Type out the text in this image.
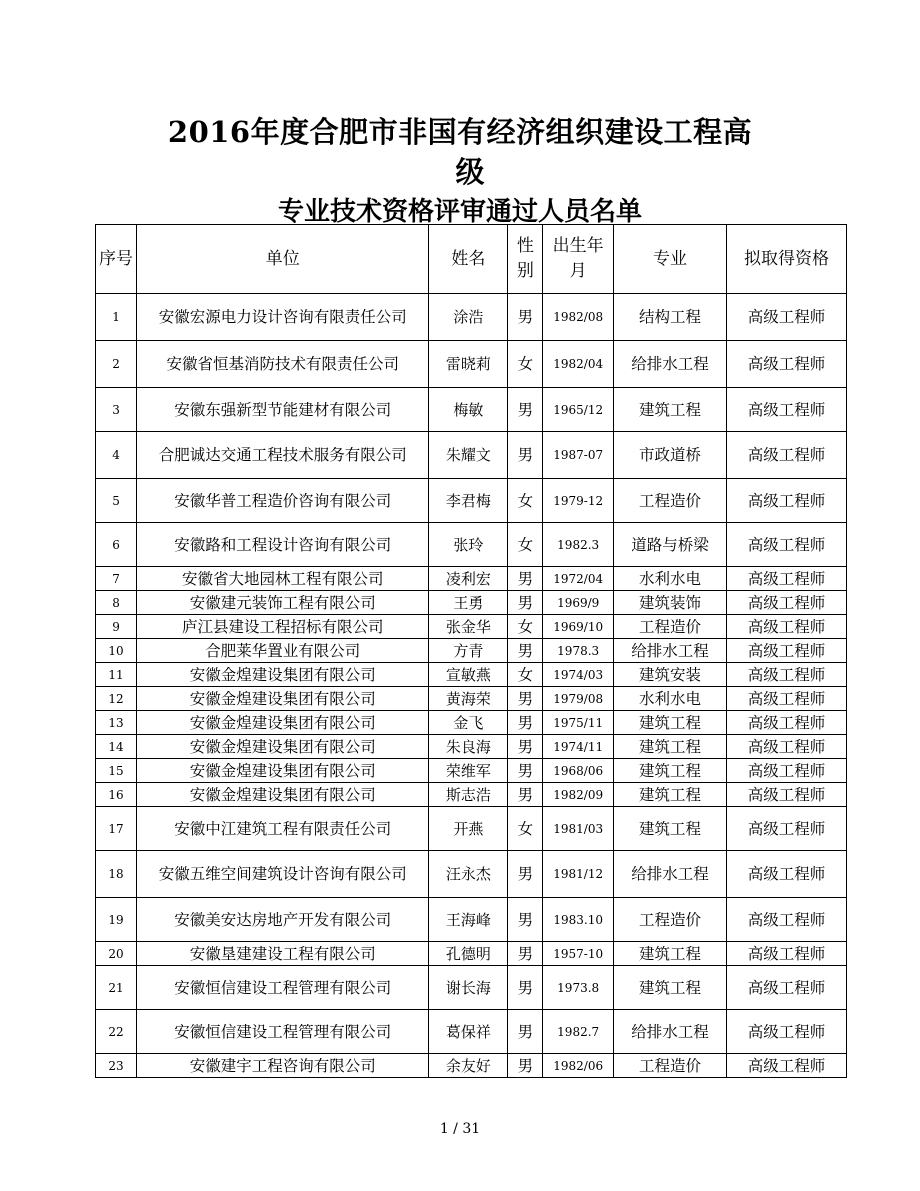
2016年度合肥市非国有经济组织建设工程高
级
专业技术资格评审通过人员名单
序号	单位	姓名	性别	出生年月	专业	拟取得资格
1	安徽宏源电力设计咨询有限责任公司	涂浩	男	1982/08	结构工程	高级工程师
2	安徽省恒基消防技术有限责任公司	雷晓莉	女	1982/04	给排水工程	高级工程师
3	安徽东强新型节能建材有限公司	梅敏	男	1965/12	建筑工程	高级工程师
4	合肥诚达交通工程技术服务有限公司	朱耀文	男	1987-07	市政道桥	高级工程师
5	安徽华普工程造价咨询有限公司	李君梅	女	1979-12	工程造价	高级工程师
6	安徽路和工程设计咨询有限公司	张玲	女	1982.3	道路与桥梁	高级工程师
7	安徽省大地园林工程有限公司	凌利宏	男	1972/04	水利水电	高级工程师
8	安徽建元装饰工程有限公司	王勇	男	1969/9	建筑装饰	高级工程师
9	庐江县建设工程招标有限公司	张金华	女	1969/10	工程造价	高级工程师
10	合肥莱华置业有限公司	方青	男	1978.3	给排水工程	高级工程师
11	安徽金煌建设集团有限公司	宣敏燕	女	1974/03	建筑安装	高级工程师
12	安徽金煌建设集团有限公司	黄海荣	男	1979/08	水利水电	高级工程师
13	安徽金煌建设集团有限公司	金飞	男	1975/11	建筑工程	高级工程师
14	安徽金煌建设集团有限公司	朱良海	男	1974/11	建筑工程	高级工程师
15	安徽金煌建设集团有限公司	荣维军	男	1968/06	建筑工程	高级工程师
16	安徽金煌建设集团有限公司	斯志浩	男	1982/09	建筑工程	高级工程师
17	安徽中江建筑工程有限责任公司	开燕	女	1981/03	建筑工程	高级工程师
18	安徽五维空间建筑设计咨询有限公司	汪永杰	男	1981/12	给排水工程	高级工程师
19	安徽美安达房地产开发有限公司	王海峰	男	1983.10	工程造价	高级工程师
20	安徽垦建建设工程有限公司	孔德明	男	1957-10	建筑工程	高级工程师
21	安徽恒信建设工程管理有限公司	谢长海	男	1973.8	建筑工程	高级工程师
22	安徽恒信建设工程管理有限公司	葛保祥	男	1982.7	给排水工程	高级工程师
23	安徽建宇工程咨询有限公司	余友好	男	1982/06	工程造价	高级工程师
1 / 31
